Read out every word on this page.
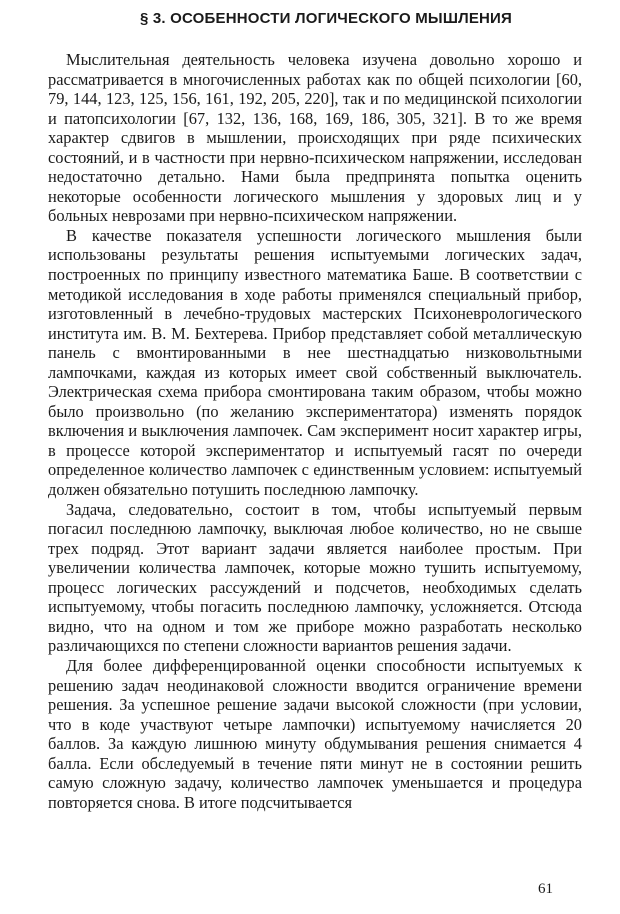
§ 3. ОСОБЕННОСТИ ЛОГИЧЕСКОГО МЫШЛЕНИЯ

Мыслительная деятельность человека изучена довольно хорошо и рассматривается в многочисленных работах как по общей психологии [60, 79, 144, 123, 125, 156, 161, 192, 205, 220], так и по медицинской психологии и патопсихологии [67, 132, 136, 168, 169, 186, 305, 321]. В то же время характер сдвигов в мышлении, происходящих при ряде психических состояний, и в частности при нервно-психическом напряжении, исследован недостаточно детально. Нами была предпринята попытка оценить некоторые особенности логического мышления у здоровых лиц и у больных неврозами при нервно-психическом напряжении.

В качестве показателя успешности логического мышления были использованы результаты решения испытуемыми логических задач, построенных по принципу известного математика Баше. В соответствии с методикой исследования в ходе работы применялся специальный прибор, изготовленный в лечебно-трудовых мастерских Психоневрологического института им. В. М. Бехтерева. Прибор представляет собой металлическую панель с вмонтированными в нее шестнадцатью низковольтными лампочками, каждая из которых имеет свой собственный выключатель. Электрическая схема прибора смонтирована таким образом, чтобы можно было произвольно (по желанию экспериментатора) изменять порядок включения и выключения лампочек. Сам эксперимент носит характер игры, в процессе которой экспериментатор и испытуемый гасят по очереди определенное количество лампочек с единственным условием: испытуемый должен обязательно потушить последнюю лампочку.

Задача, следовательно, состоит в том, чтобы испытуемый первым погасил последнюю лампочку, выключая любое количество, но не свыше трех подряд. Этот вариант задачи является наиболее простым. При увеличении количества лампочек, которые можно тушить испытуемому, процесс логических рассуждений и подсчетов, необходимых сделать испытуемому, чтобы погасить последнюю лампочку, усложняется. Отсюда видно, что на одном и том же приборе можно разработать несколько различающихся по степени сложности вариантов решения задачи.

Для более дифференцированной оценки способности испытуемых к решению задач неодинаковой сложности вводится ограничение времени решения. За успешное решение задачи высокой сложности (при условии, что в коде участвуют четыре лампочки) испытуемому начисляется 20 баллов. За каждую лишнюю минуту обдумывания решения снимается 4 балла. Если обследуемый в течение пяти минут не в состоянии решить самую сложную задачу, количество лампочек уменьшается и процедура повторяется снова. В итоге подсчитывается

61
